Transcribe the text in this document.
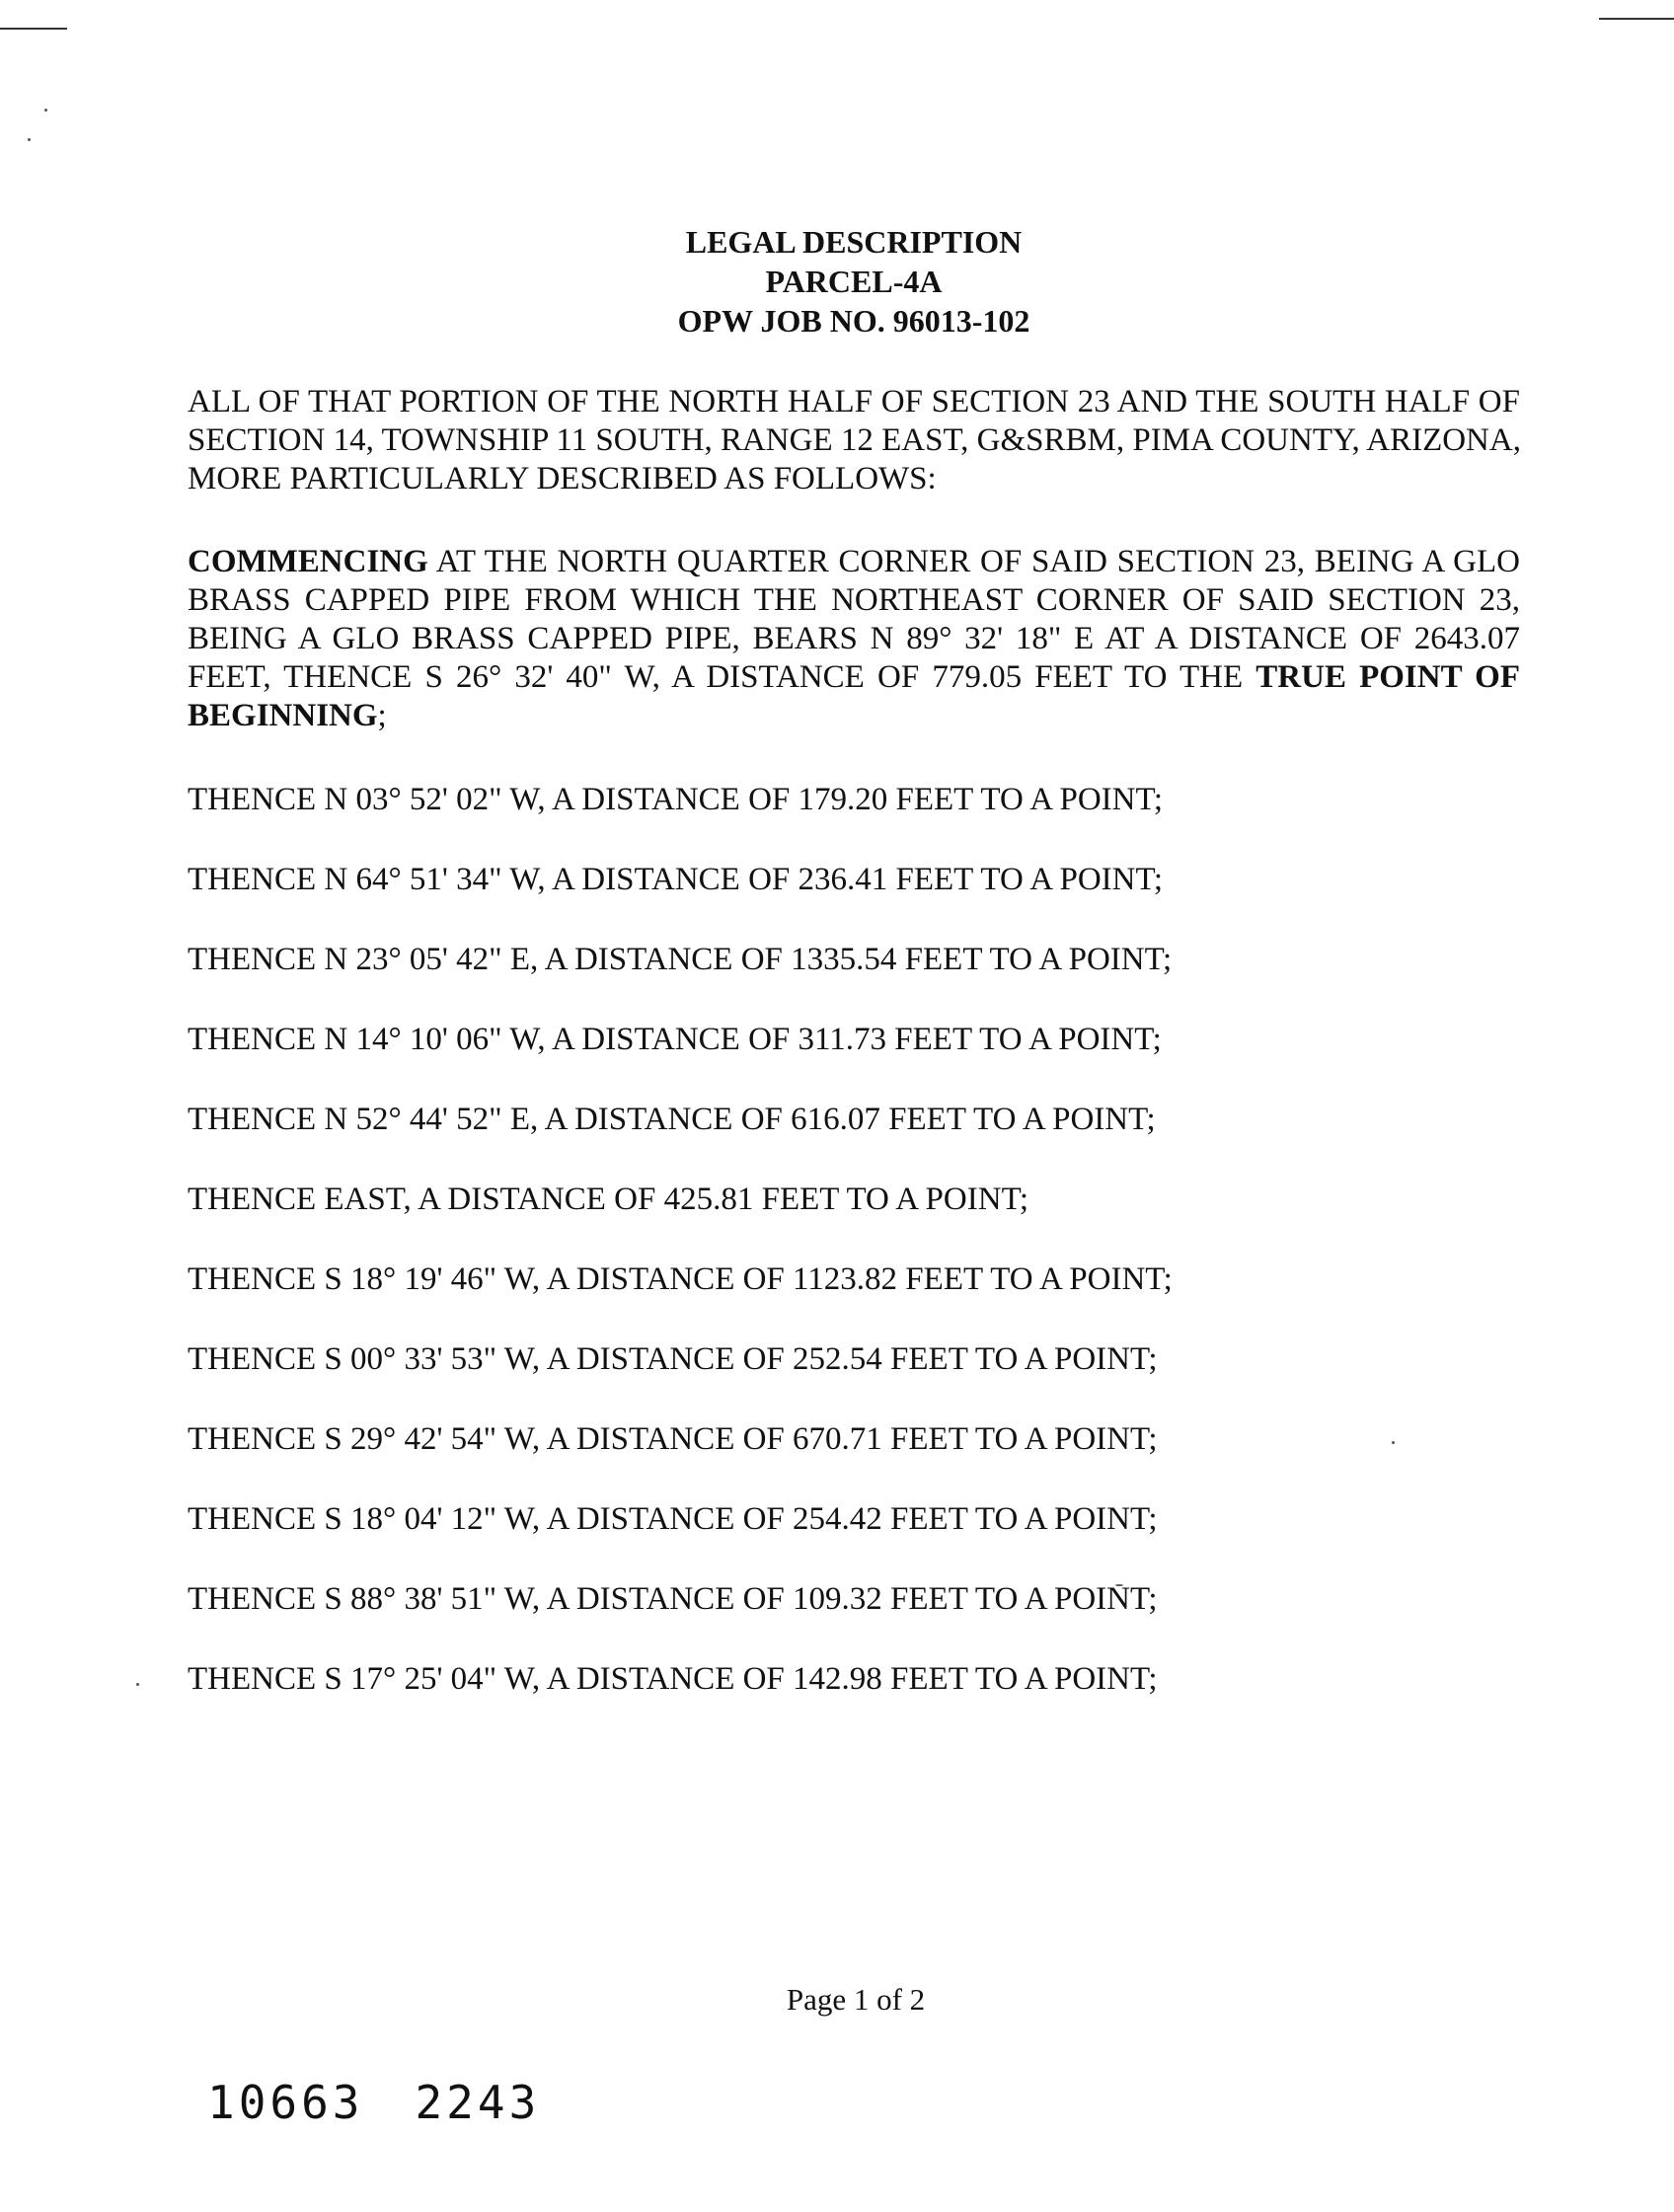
LEGAL DESCRIPTION
PARCEL-4A
OPW JOB NO. 96013-102
ALL OF THAT PORTION OF THE NORTH HALF OF SECTION 23 AND THE SOUTH HALF OF
SECTION 14, TOWNSHIP 11 SOUTH, RANGE 12 EAST, G&SRBM, PIMA COUNTY, ARIZONA,
MORE PARTICULARLY DESCRIBED AS FOLLOWS:
COMMENCING AT THE NORTH QUARTER CORNER OF SAID SECTION 23, BEING A GLO
BRASS CAPPED PIPE FROM WHICH THE NORTHEAST CORNER OF SAID SECTION 23,
BEING A GLO BRASS CAPPED PIPE, BEARS N 89° 32' 18" E AT A DISTANCE OF 2643.07
FEET, THENCE S 26° 32' 40" W, A DISTANCE OF 779.05 FEET TO THE TRUE POINT OF
BEGINNING;
THENCE N 03° 52' 02" W, A DISTANCE OF 179.20 FEET TO A POINT;
THENCE N 64° 51' 34" W, A DISTANCE OF 236.41 FEET TO A POINT;
THENCE N 23° 05' 42" E, A DISTANCE OF 1335.54 FEET TO A POINT;
THENCE N 14° 10' 06" W, A DISTANCE OF 311.73 FEET TO A POINT;
THENCE N 52° 44' 52" E, A DISTANCE OF 616.07 FEET TO A POINT;
THENCE EAST, A DISTANCE OF 425.81 FEET TO A POINT;
THENCE S 18° 19' 46" W, A DISTANCE OF 1123.82 FEET TO A POINT;
THENCE S 00° 33' 53" W, A DISTANCE OF 252.54 FEET TO A POINT;
THENCE S 29° 42' 54" W, A DISTANCE OF 670.71 FEET TO A POINT;
THENCE S 18° 04' 12" W, A DISTANCE OF 254.42 FEET TO A POINT;
THENCE S 88° 38' 51" W, A DISTANCE OF 109.32 FEET TO A POINT;
THENCE S 17° 25' 04" W, A DISTANCE OF 142.98 FEET TO A POINT;
Page 1 of 2
10663 2243
